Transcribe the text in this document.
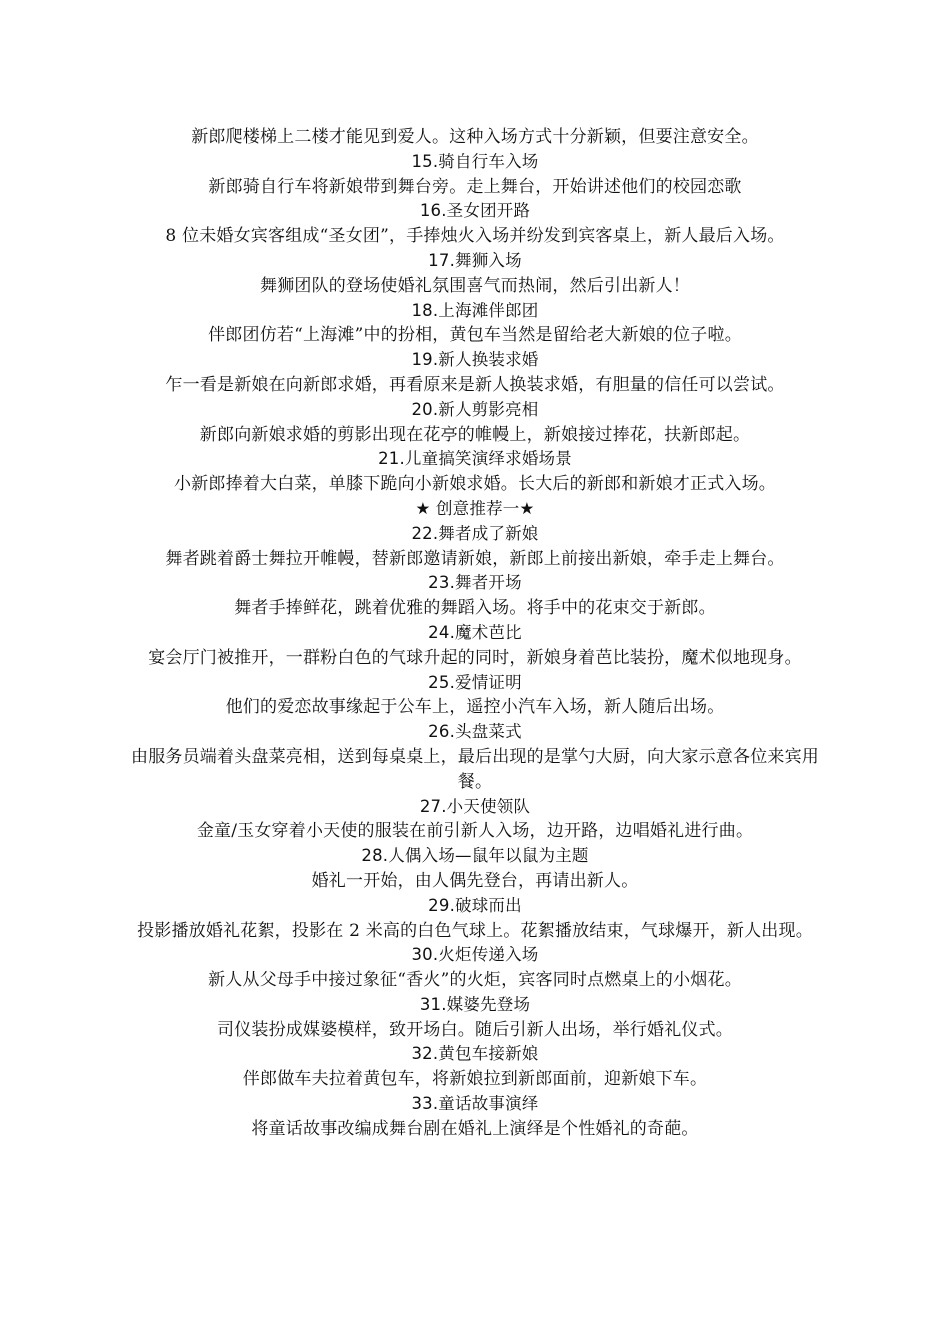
新郎爬楼梯上二楼才能见到爱人。这种入场方式十分新颖，但要注意安全。
15.骑自行车入场
新郎骑自行车将新娘带到舞台旁。走上舞台，开始讲述他们的校园恋歌
16.圣女团开路
8 位未婚女宾客组成“圣女团”，手捧烛火入场并纷发到宾客桌上，新人最后入场。
17.舞狮入场
舞狮团队的登场使婚礼氛围喜气而热闹，然后引出新人！
18.上海滩伴郎团
伴郎团仿若“上海滩”中的扮相，黄包车当然是留给老大新娘的位子啦。
19.新人换装求婚
乍一看是新娘在向新郎求婚，再看原来是新人换装求婚，有胆量的信任可以尝试。
20.新人剪影亮相
新郎向新娘求婚的剪影出现在花亭的帷幔上，新娘接过捧花，扶新郎起。
21.儿童搞笑演绎求婚场景
小新郎捧着大白菜，单膝下跪向小新娘求婚。长大后的新郎和新娘才正式入场。
★ 创意推荐一★
22.舞者成了新娘
舞者跳着爵士舞拉开帷幔，替新郎邀请新娘，新郎上前接出新娘，牵手走上舞台。
23.舞者开场
舞者手捧鲜花，跳着优雅的舞蹈入场。将手中的花束交于新郎。
24.魔术芭比
宴会厅门被推开，一群粉白色的气球升起的同时，新娘身着芭比装扮，魔术似地现身。
25.爱情证明
他们的爱恋故事缘起于公车上，遥控小汽车入场，新人随后出场。
26.头盘菜式
由服务员端着头盘菜亮相，送到每桌桌上，最后出现的是掌勺大厨，向大家示意各位来宾用餐。
27.小天使领队
金童/玉女穿着小天使的服装在前引新人入场，边开路，边唱婚礼进行曲。
28.人偶入场—鼠年以鼠为主题
婚礼一开始，由人偶先登台，再请出新人。
29.破球而出
投影播放婚礼花絮，投影在 2 米高的白色气球上。花絮播放结束，气球爆开，新人出现。
30.火炬传递入场
新人从父母手中接过象征“香火”的火炬，宾客同时点燃桌上的小烟花。
31.媒婆先登场
司仪装扮成媒婆模样，致开场白。随后引新人出场，举行婚礼仪式。
32.黄包车接新娘
伴郎做车夫拉着黄包车，将新娘拉到新郎面前，迎新娘下车。
33.童话故事演绎
将童话故事改编成舞台剧在婚礼上演绎是个性婚礼的奇葩。
